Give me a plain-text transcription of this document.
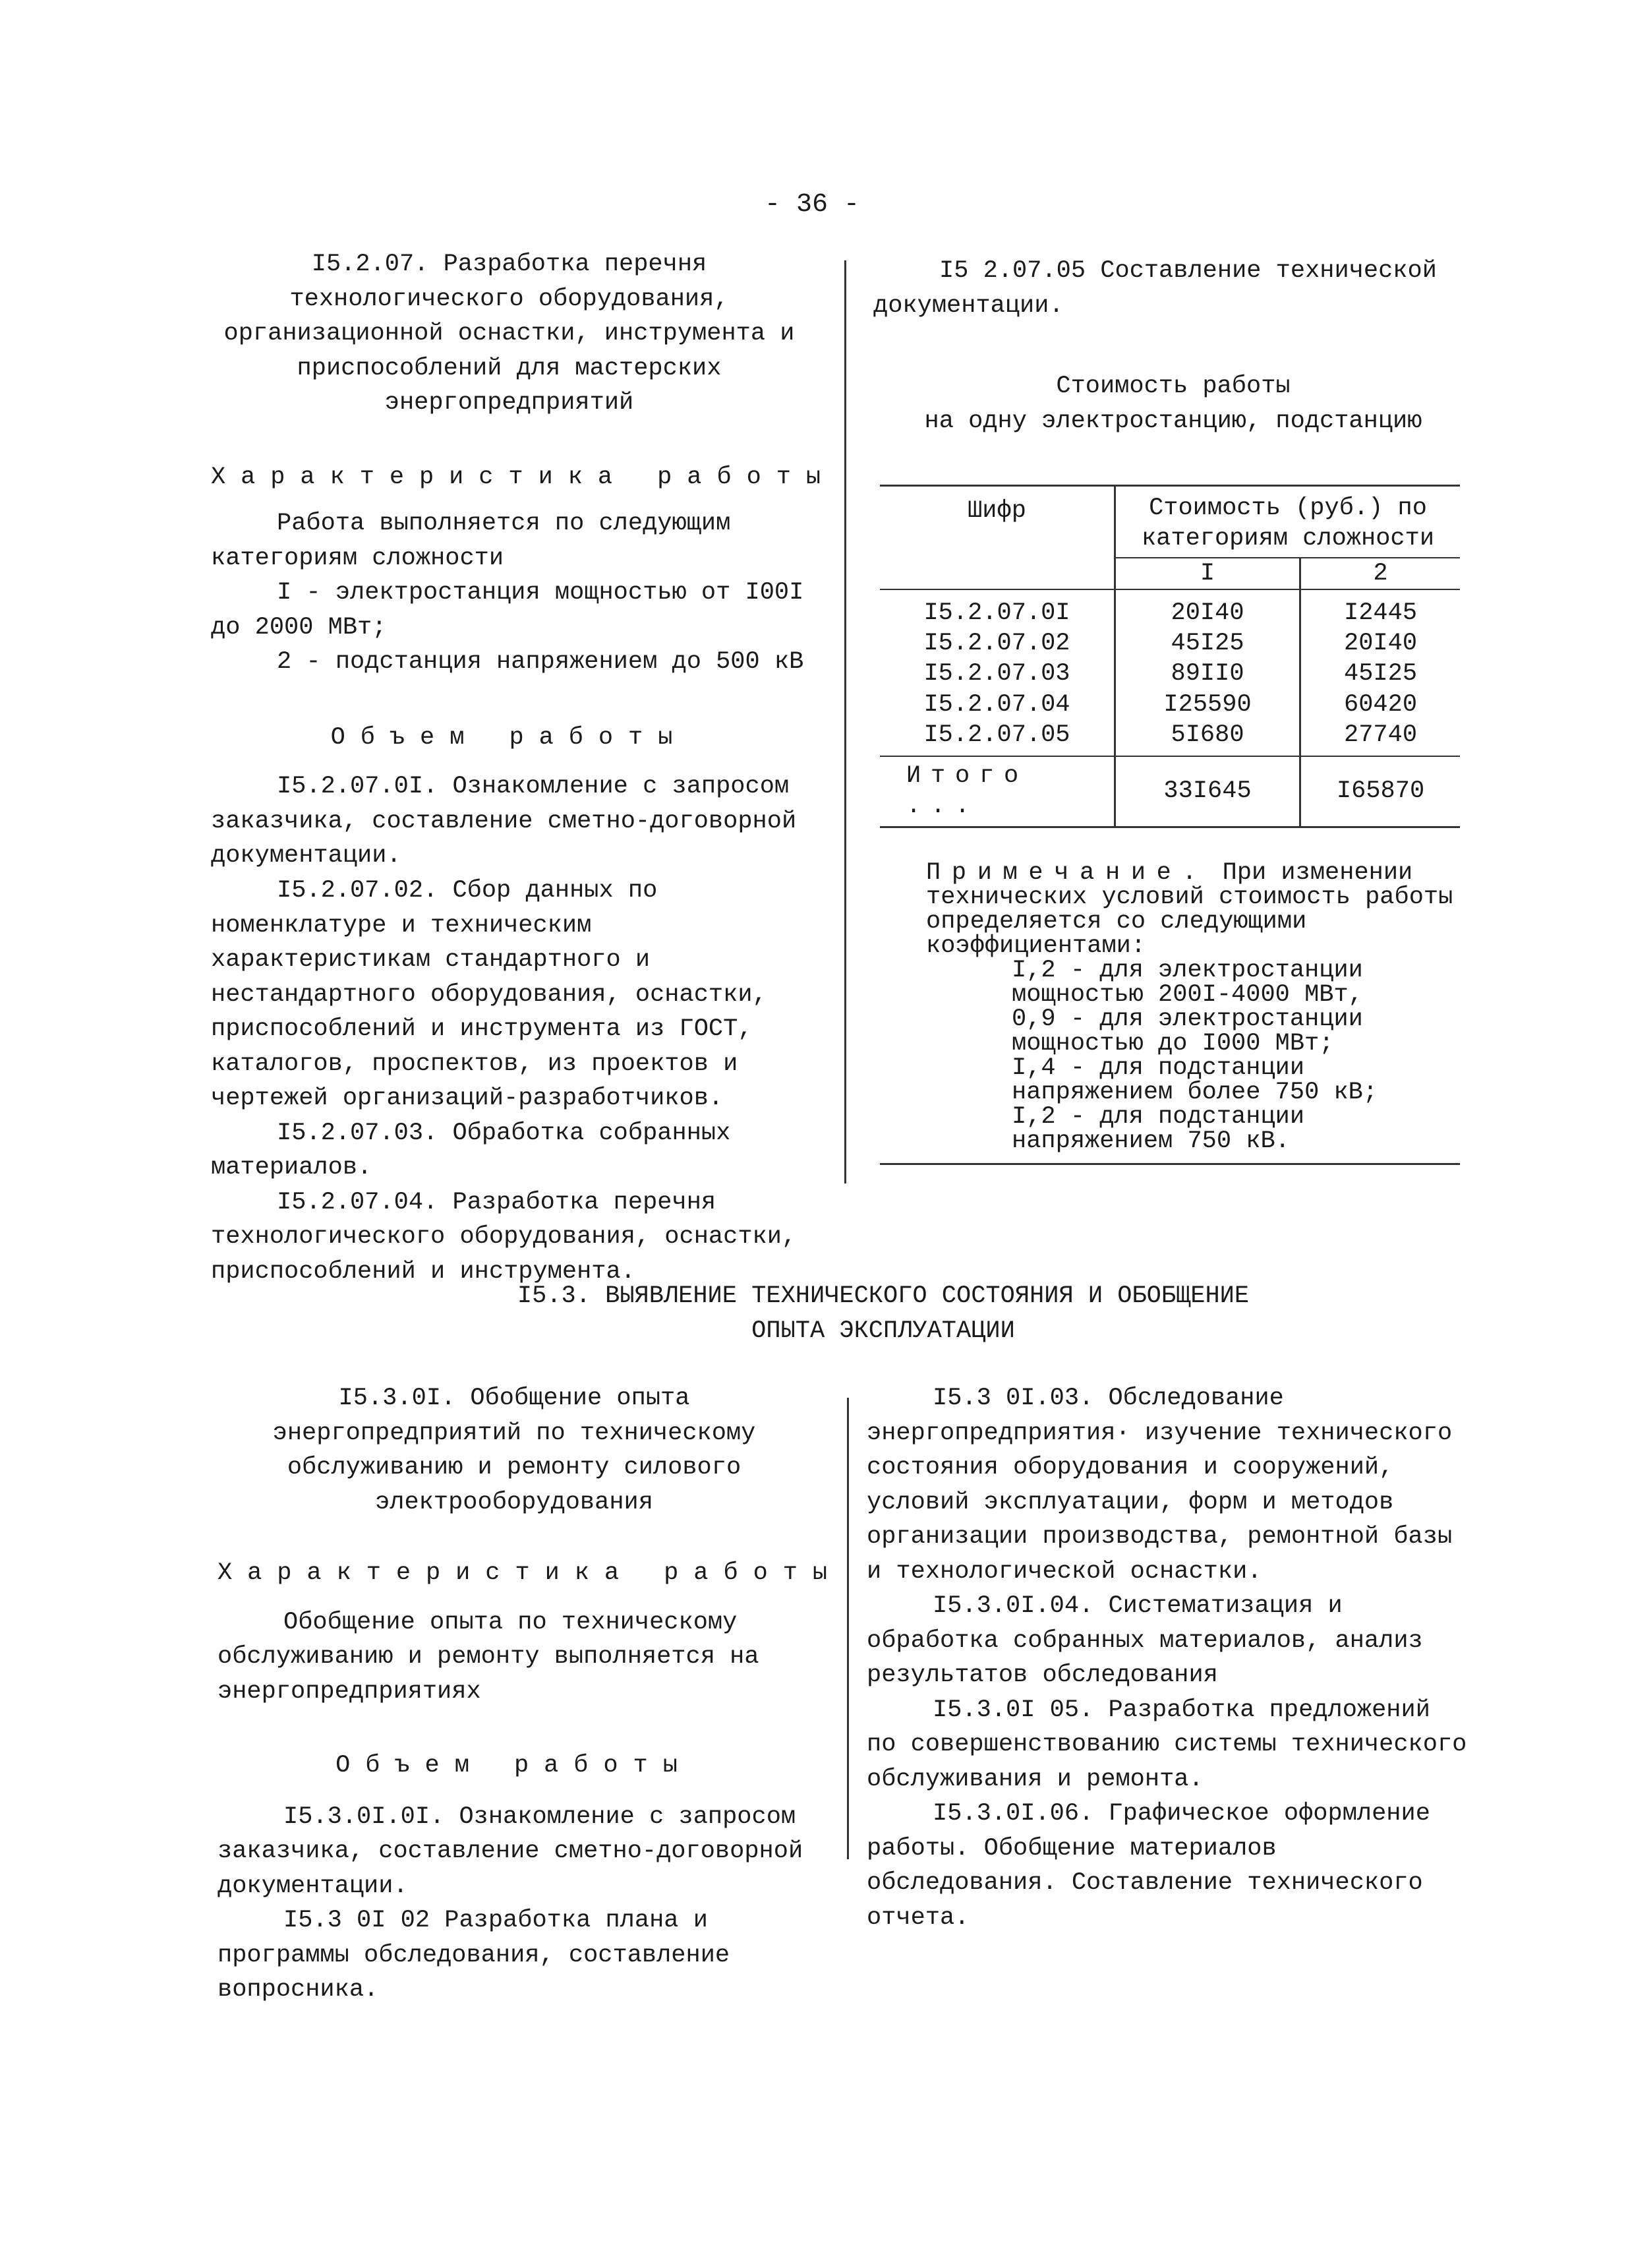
- 36 -

I5.2.07. Разработка перечня технологического оборудования, организационной оснастки, инструмента и приспособлений для мастерских энергопредприятий

Характеристика работы

Работа выполняется по следующим категориям сложности

I - электростанция мощностью от I00I до 2000 МВт;

2 - подстанция напряжением до 500 кВ

Объем работы

I5.2.07.0I. Ознакомление с запросом заказчика, составление сметно-договорной документации.

I5.2.07.02. Сбор данных по номенклатуре и техническим характеристикам стандартного и нестандартного оборудования, оснастки, приспособлений и инструмента из ГОСТ, каталогов, проспектов, из проектов и чертежей организаций-разработчиков.

I5.2.07.03. Обработка собранных материалов.

I5.2.07.04. Разработка перечня технологического оборудования, оснастки, приспособлений и инструмента.

I5 2.07.05 Составление технической документации.

Стоимость работы

на одну электростанцию, подстанцию

Шифр	Стоимость (руб.) по категориям сложности	
	I	2
I5.2.07.0I	20I40	I2445
I5.2.07.02	45I25	20I40
I5.2.07.03	89II0	45I25
I5.2.07.04	I25590	60420
I5.2.07.05	5I680	27740
Итого ...	33I645	I65870

Примечание. При изменении технических условий стоимость работы определяется со следующими коэффициентами:

I,2 - для электростанции мощностью 200I-4000 МВт,

0,9 - для электростанции мощностью до I000 МВт;

I,4 - для подстанции напряжением более 750 кВ;

I,2 - для подстанции напряжением 750 кВ.

I5.3. ВЫЯВЛЕНИЕ ТЕХНИЧЕСКОГО СОСТОЯНИЯ И ОБОБЩЕНИЕ ОПЫТА ЭКСПЛУАТАЦИИ

I5.3.0I. Обобщение опыта энергопредприятий по техническому обслуживанию и ремонту силового электрооборудования

Характеристика работы

Обобщение опыта по техническому обслуживанию и ремонту выполняется на энергопредприятиях

Объем работы

I5.3.0I.0I. Ознакомление с запросом заказчика, составление сметно-договорной документации.

I5.3 0I 02 Разработка плана и программы обследования, составление вопросника.

I5.3 0I.03. Обследование энергопредприятия· изучение технического состояния оборудования и сооружений, условий эксплуатации, форм и методов организации производства, ремонтной базы и технологической оснастки.

I5.3.0I.04. Систематизация и обработка собранных материалов, анализ результатов обследования

I5.3.0I 05. Разработка предложений по совершенствованию системы технического обслуживания и ремонта.

I5.3.0I.06. Графическое оформление работы. Обобщение материалов обследования. Составление технического отчета.
